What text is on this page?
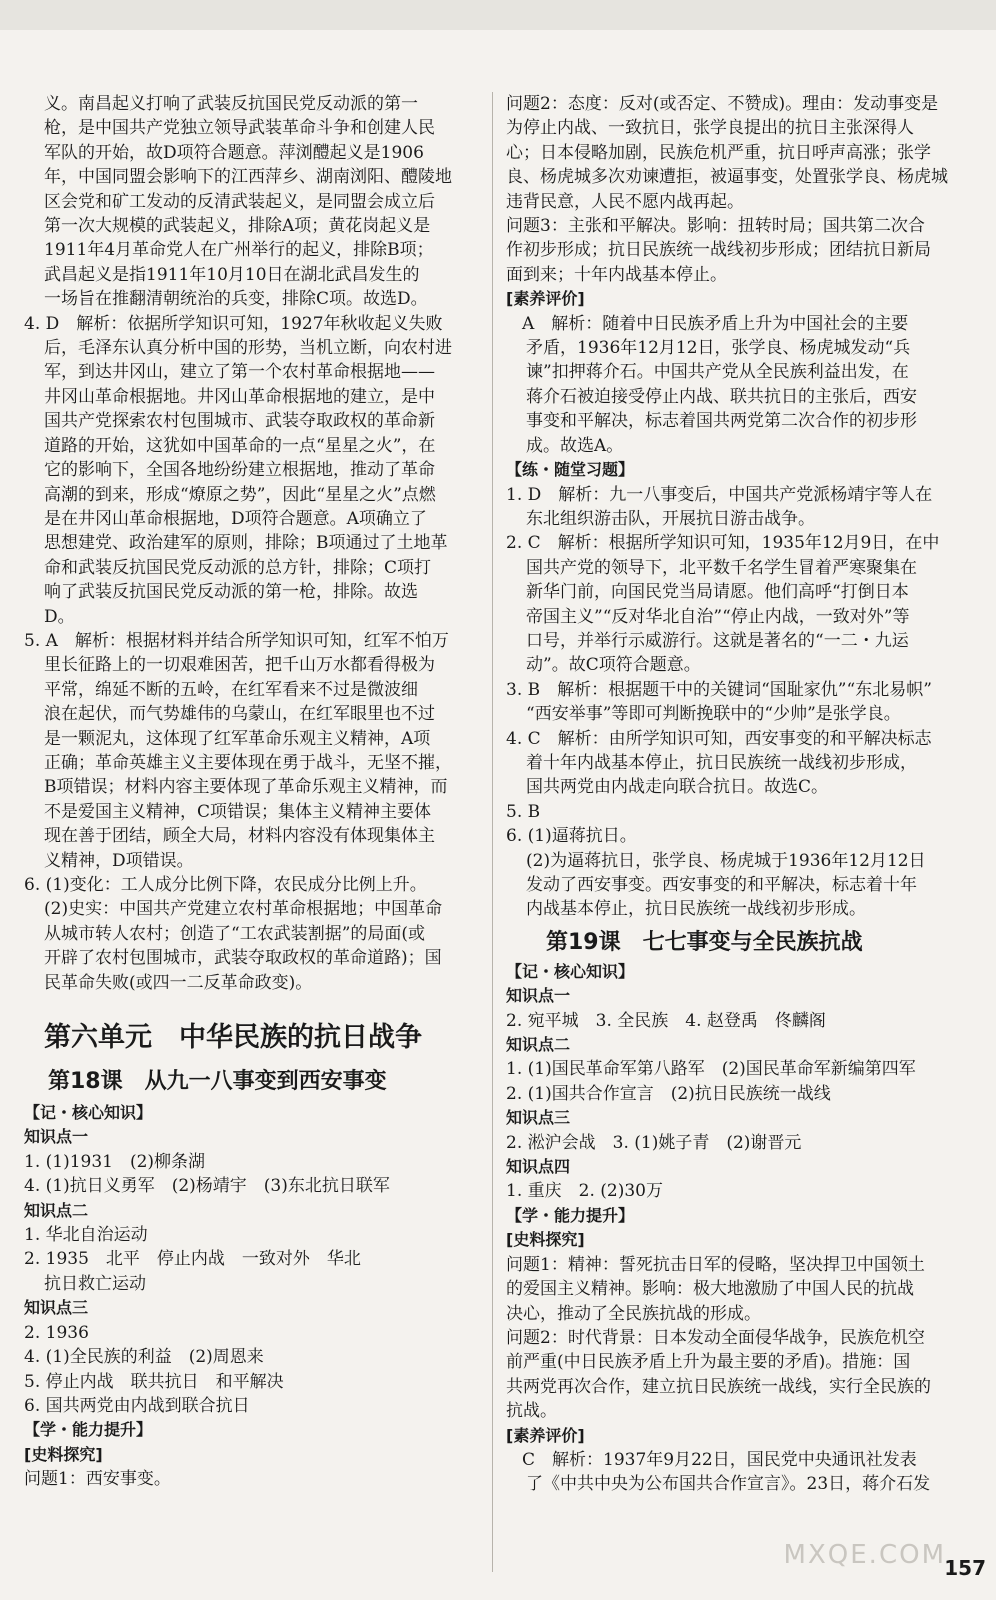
义。南昌起义打响了武装反抗国民党反动派的第一
枪，是中国共产党独立领导武装革命斗争和创建人民
军队的开始，故D项符合题意。萍浏醴起义是1906
年，中国同盟会影响下的江西萍乡、湖南浏阳、醴陵地
区会党和矿工发动的反清武装起义，是同盟会成立后
第一次大规模的武装起义，排除A项；黄花岗起义是
1911年4月革命党人在广州举行的起义，排除B项；
武昌起义是指1911年10月10日在湖北武昌发生的
一场旨在推翻清朝统治的兵变，排除C项。故选D。
4. D　解析：依据所学知识可知，1927年秋收起义失败
后，毛泽东认真分析中国的形势，当机立断，向农村进
军，到达井冈山，建立了第一个农村革命根据地——
井冈山革命根据地。井冈山革命根据地的建立，是中
国共产党探索农村包围城市、武装夺取政权的革命新
道路的开始，这犹如中国革命的一点“星星之火”，在
它的影响下，全国各地纷纷建立根据地，推动了革命
高潮的到来，形成“燎原之势”，因此“星星之火”点燃
是在井冈山革命根据地，D项符合题意。A项确立了
思想建党、政治建军的原则，排除；B项通过了土地革
命和武装反抗国民党反动派的总方针，排除；C项打
响了武装反抗国民党反动派的第一枪，排除。故选
D。
5. A　解析：根据材料并结合所学知识可知，红军不怕万
里长征路上的一切艰难困苦，把千山万水都看得极为
平常，绵延不断的五岭，在红军看来不过是微波细
浪在起伏，而气势雄伟的乌蒙山，在红军眼里也不过
是一颗泥丸，这体现了红军革命乐观主义精神，A项
正确；革命英雄主义主要体现在勇于战斗，无坚不摧，
B项错误；材料内容主要体现了革命乐观主义精神，而
不是爱国主义精神，C项错误；集体主义精神主要体
现在善于团结，顾全大局，材料内容没有体现集体主
义精神，D项错误。
6. (1)变化：工人成分比例下降，农民成分比例上升。
(2)史实：中国共产党建立农村革命根据地；中国革命
从城市转人农村；创造了“工农武装割据”的局面(或
开辟了农村包围城市，武装夺取政权的革命道路)；国
民革命失败(或四一二反革命政变)。
第六单元　中华民族的抗日战争
第18课　从九一八事变到西安事变
【记・核心知识】
知识点一
1. (1)1931　(2)柳条湖
4. (1)抗日义勇军　(2)杨靖宇　(3)东北抗日联军
知识点二
1. 华北自治运动
2. 1935　北平　停止内战　一致对外　华北
抗日救亡运动
知识点三
2. 1936
4. (1)全民族的利益　(2)周恩来
5. 停止内战　联共抗日　和平解决
6. 国共两党由内战到联合抗日
【学・能力提升】
[史料探究]
问题1：西安事变。
问题2：态度：反对(或否定、不赞成)。理由：发动事变是
为停止内战、一致抗日，张学良提出的抗日主张深得人
心；日本侵略加剧，民族危机严重，抗日呼声高涨；张学
良、杨虎城多次劝谏遭拒，被逼事变，处置张学良、杨虎城
违背民意，人民不愿内战再起。
问题3：主张和平解决。影响：扭转时局；国共第二次合
作初步形成；抗日民族统一战线初步形成；团结抗日新局
面到来；十年内战基本停止。
[素养评价]
A　解析：随着中日民族矛盾上升为中国社会的主要
矛盾，1936年12月12日，张学良、杨虎城发动“兵
谏”扣押蒋介石。中国共产党从全民族利益出发，在
蒋介石被迫接受停止内战、联共抗日的主张后，西安
事变和平解决，标志着国共两党第二次合作的初步形
成。故选A。
【练・随堂习题】
1. D　解析：九一八事变后，中国共产党派杨靖宇等人在
东北组织游击队，开展抗日游击战争。
2. C　解析：根据所学知识可知，1935年12月9日，在中
国共产党的领导下，北平数千名学生冒着严寒聚集在
新华门前，向国民党当局请愿。他们高呼“打倒日本
帝国主义”“反对华北自治”“停止内战，一致对外”等
口号，并举行示威游行。这就是著名的“一二・九运
动”。故C项符合题意。
3. B　解析：根据题干中的关键词“国耻家仇”“东北易帜”
“西安举事”等即可判断挽联中的“少帅”是张学良。
4. C　解析：由所学知识可知，西安事变的和平解决标志
着十年内战基本停止，抗日民族统一战线初步形成，
国共两党由内战走向联合抗日。故选C。
5. B
6. (1)逼蒋抗日。
(2)为逼蒋抗日，张学良、杨虎城于1936年12月12日
发动了西安事变。西安事变的和平解决，标志着十年
内战基本停止，抗日民族统一战线初步形成。
第19课　七七事变与全民族抗战
【记・核心知识】
知识点一
2. 宛平城　3. 全民族　4. 赵登禹　佟麟阁
知识点二
1. (1)国民革命军第八路军　(2)国民革命军新编第四军
2. (1)国共合作宣言　(2)抗日民族统一战线
知识点三
2. 淞沪会战　3. (1)姚子青　(2)谢晋元
知识点四
1. 重庆　2. (2)30万
【学・能力提升】
[史料探究]
问题1：精神：誓死抗击日军的侵略，坚决捍卫中国领土
的爱国主义精神。影响：极大地激励了中国人民的抗战
决心，推动了全民族抗战的形成。
问题2：时代背景：日本发动全面侵华战争，民族危机空
前严重(中日民族矛盾上升为最主要的矛盾)。措施：国
共两党再次合作，建立抗日民族统一战线，实行全民族的
抗战。
[素养评价]
C　解析：1937年9月22日，国民党中央通讯社发表
了《中共中央为公布国共合作宣言》。23日，蒋介石发
MXQE.COM
157
